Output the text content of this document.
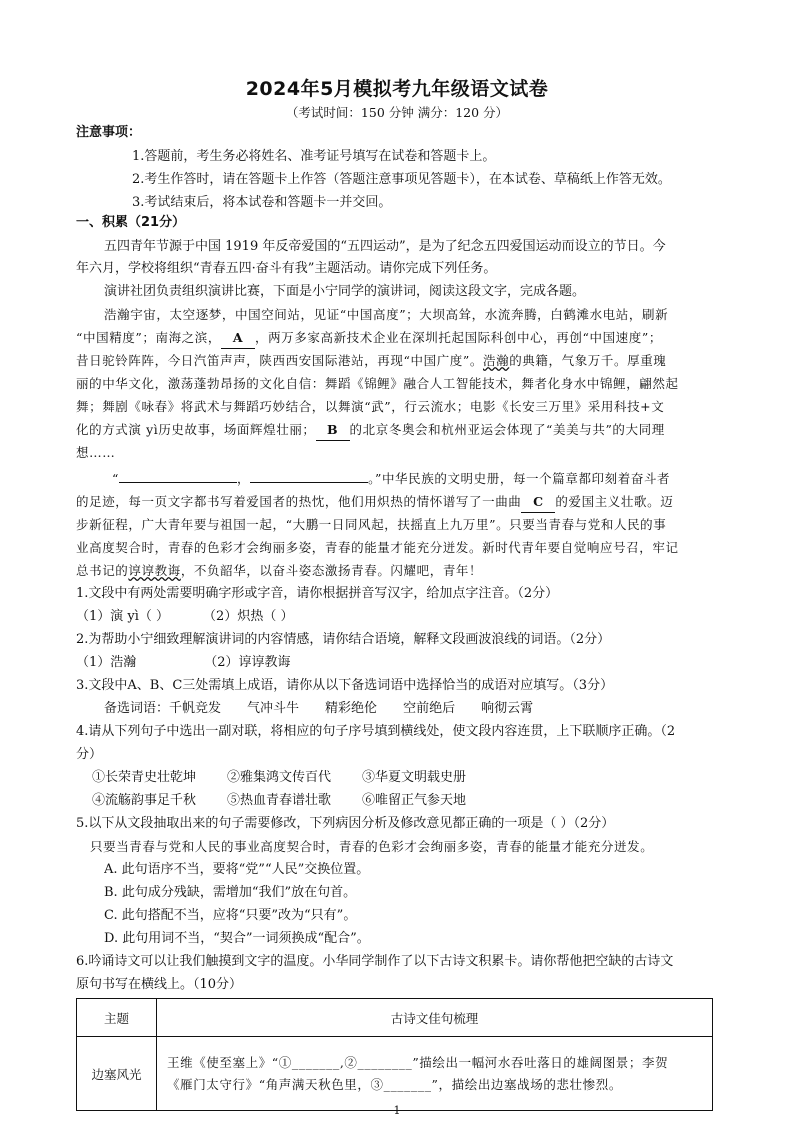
2024年5月模拟考九年级语文试卷
（考试时间：150 分钟 满分：120 分）
注意事项：
1.答题前，考生务必将姓名、准考证号填写在试卷和答题卡上。
2.考生作答时，请在答题卡上作答（答题注意事项见答题卡），在本试卷、草稿纸上作答无效。
3.考试结束后，将本试卷和答题卡一并交回。
一、积累（21分）
五四青年节源于中国 1919 年反帝爱国的“五四运动”，是为了纪念五四爱国运动而设立的节日。今
年六月，学校将组织“青春五四·奋斗有我”主题活动。请你完成下列任务。
演讲社团负责组织演讲比赛，下面是小宁同学的演讲词，阅读这段文字，完成各题。
浩瀚宇宙，太空逐梦，中国空间站，见证“中国高度”；大坝高耸，水流奔腾，白鹤滩水电站，刷新
“中国精度”；南海之滨， A ，两万多家高新技术企业在深圳托起国际科创中心，再创“中国速度”；
昔日驼铃阵阵，今日汽笛声声，陕西西安国际港站，再现“中国广度”。浩瀚的典籍，气象万千。厚重瑰
丽的中华文化，激荡蓬勃昂扬的文化自信：舞蹈《锦鲤》融合人工智能技术，舞者化身水中锦鲤，翩然起
舞；舞剧《咏春》将武术与舞蹈巧妙结合，以舞演“武”，行云流水；电影《长安三万里》采用科技+文
化的方式演 yì历史故事，场面辉煌壮丽； B 的北京冬奥会和杭州亚运会体现了“美美与共”的大同理
想……
“	，	。”中华民族的文明史册，每一个篇章都印刻着奋斗者
的足迹，每一页文字都书写着爱国者的热忱，他们用炽热的情怀谱写了一曲曲 C 的爱国主义壮歌。迈
步新征程，广大青年要与祖国一起，“大鹏一日同风起，扶摇直上九万里”。只要当青春与党和人民的事
业高度契合时，青春的色彩才会绚丽多姿，青春的能量才能充分迸发。新时代青年要自觉响应号召，牢记
总书记的谆谆教诲，不负韶华，以奋斗姿态激扬青春。闪耀吧，青年！
1.文段中有两处需要明确字形或字音，请你根据拼音写汉字，给加点字注音。（2分）
（1）演 yì（ ）	（2）炽热（ ）
2.为帮助小宁细致理解演讲词的内容情感，请你结合语境，解释文段画波浪线的词语。（2分）
（1）浩瀚	（2）谆谆教诲
3.文段中A、B、C三处需填上成语，请你从以下备选词语中选择恰当的成语对应填写。（3分）
备选词语：千帆竞发 气冲斗牛 精彩绝伦 空前绝后 响彻云霄
4.请从下列句子中选出一副对联，将相应的句子序号填到横线处，使文段内容连贯，上下联顺序正确。（2
分）
①长荣青史壮乾坤 ②雅集鸿文传百代 ③华夏文明载史册
④流觞韵事足千秋 ⑤热血青春谱壮歌 ⑥唯留正气参天地
5.以下从文段抽取出来的句子需要修改，下列病因分析及修改意见都正确的一项是（ ）（2分）
只要当青春与党和人民的事业高度契合时，青春的色彩才会绚丽多姿，青春的能量才能充分迸发。
A. 此句语序不当，要将“党”“人民”交换位置。
B. 此句成分残缺，需增加“我们”放在句首。
C. 此句搭配不当，应将“只要”改为“只有”。
D. 此句用词不当，“契合”一词须换成“配合”。
6.吟诵诗文可以让我们触摸到文字的温度。小华同学制作了以下古诗文积累卡。请你帮他把空缺的古诗文
原句书写在横线上。（10分）
主题	古诗文佳句梳理
边塞风光	王维《使至塞上》“①_______,②________”描绘出一幅河水吞吐落日的雄阔图景；李贺
《雁门太守行》“角声满天秋色里，③_______”，描绘出边塞战场的悲壮惨烈。
1
